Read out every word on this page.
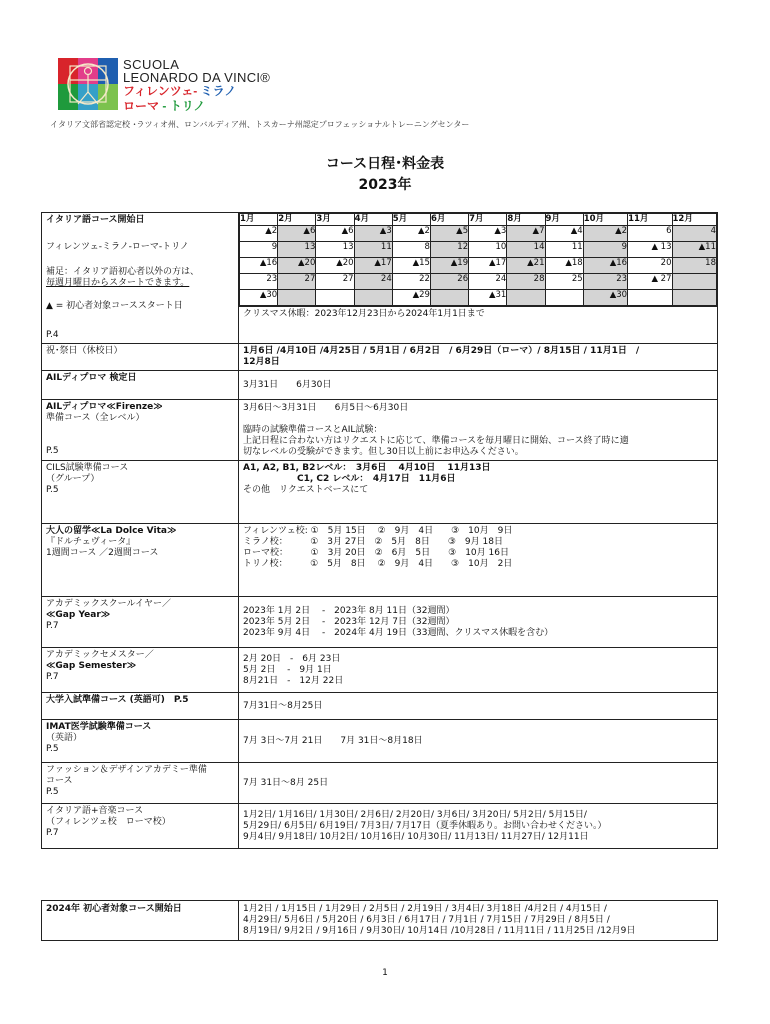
SCUOLA
LEONARDO DA VINCI®
フィレンツェ- ミラノ
ローマ - トリノ
イタリア文部省認定校 ･ラツィオ州、ロンバルディア州、トスカーナ州認定プロフェッショナルトレーニングセンター
コース日程･料金表
2023年
イタリア語コース開始日
フィレンツェ-ミラノ-ローマ-トリノ
補足：イタリア語初心者以外の方は、
毎週月曜日からスタートできます。
▲ = 初心者対象コーススタート日
P.4

1月	2月	3月	4月	5月	6月	7月	8月	9月	10月	11月	12月
▲2	▲6	▲6	▲3	▲2	▲5	▲3	▲7	▲4	▲2	6	4
9	13	13	11	8	12	10	14	11	9	▲ 13	▲11
▲16	▲20	▲20	▲17	▲15	▲19	▲17	▲21	▲18	▲16	20	18
23	27	27	24	22	26	24	28	25	23	▲ 27	
▲30				▲29		▲31			▲30		
クリスマス休暇：2023年12月23日から2024年1月1日まで

祝･祭日（休校日）	1月6日 /4月10日 /4月25日 / 5月1日 / 6月2日　/ 6月29日（ローマ）/ 8月15日 / 11月1日　/
12月8日

AILディプロマ 検定日

3月31日　　6月30日

AILディプロマ≪Firenze≫
準備コース（全レベル）

P.5

3月6日～3月31日　　6月5日～6月30日

臨時の試験準備コースとAIL試験：
上記日程に合わない方はリクエストに応じて、準備コースを毎月曜日に開始、コース終了時に適
切なレベルの受験ができます。但し30日以上前にお申込みください。

CILS試験準備コース
（グループ）
P.5

A1, A2, B1, B2レベル：　3月6日　 4月10日　 11月13日
　　　　　　C1, C2 レベル：　4月17日　11月6日
その他　リクエストベースにて

大人の留学≪La Dolce Vita≫
『ドルチェヴィータ』
1週間コース ／2週間コース

フィレンツェ校: ①　5月 15日　 ②　9月　4日　　③　10月　9日
ミラノ校：　　　①　3月 27日　②　5月　8日　　③　9月 18日
ローマ校：　　　①　3月 20日　②　6月　5日　　③　10月 16日
トリノ校：　　　①　5月　8日　 ②　9月　4日　　③　10月　2日

アカデミックスクールイヤー／
≪Gap Year≫
P.7

2023年 1月 2日　 -　2023年 8月 11日（32週間）
2023年 5月 2日　 -　2023年 12月 7日（32週間）
2023年 9月 4日　 -　2024年 4月 19日（33週間、クリスマス休暇を含む）

アカデミックセメスター／
≪Gap Semester≫
P.7

2月 20日　-　6月 23日
5月 2日　 -　9月 1日
8月21日　-　12月 22日

大学入試準備コース (英語可)　P.5

7月31日～8月25日

IMAT医学試験準備コース
（英語）
P.5

7月 3日～7月 21日　　7月 31日～8月18日

ファッション＆デザインアカデミー準備
コース
P.5

7月 31日～8月 25日

イタリア語+音楽コース
（フィレンツェ校　ローマ校）
P.7

1月2日/ 1月16日/ 1月30日/ 2月6日/ 2月20日/ 3月6日/ 3月20日/ 5月2日/ 5月15日/
5月29日/ 6月5日/ 6月19日/ 7月3日/ 7月17日（夏季休暇あり。お問い合わせください。）
9月4日/ 9月18日/ 10月2日/ 10月16日/ 10月30日/ 11月13日/ 11月27日/ 12月11日
2024年 初心者対象コース開始日	1月2日 / 1月15日 / 1月29日 / 2月5日 / 2月19日 / 3月4日/ 3月18日 /4月2日 / 4月15日 /
4月29日/ 5月6日 / 5月20日 / 6月3日 / 6月17日 / 7月1日 / 7月15日 / 7月29日 / 8月5日 /
8月19日/ 9月2日 / 9月16日 / 9月30日/ 10月14日 /10月28日 / 11月11日 / 11月25日 /12月9日
1
